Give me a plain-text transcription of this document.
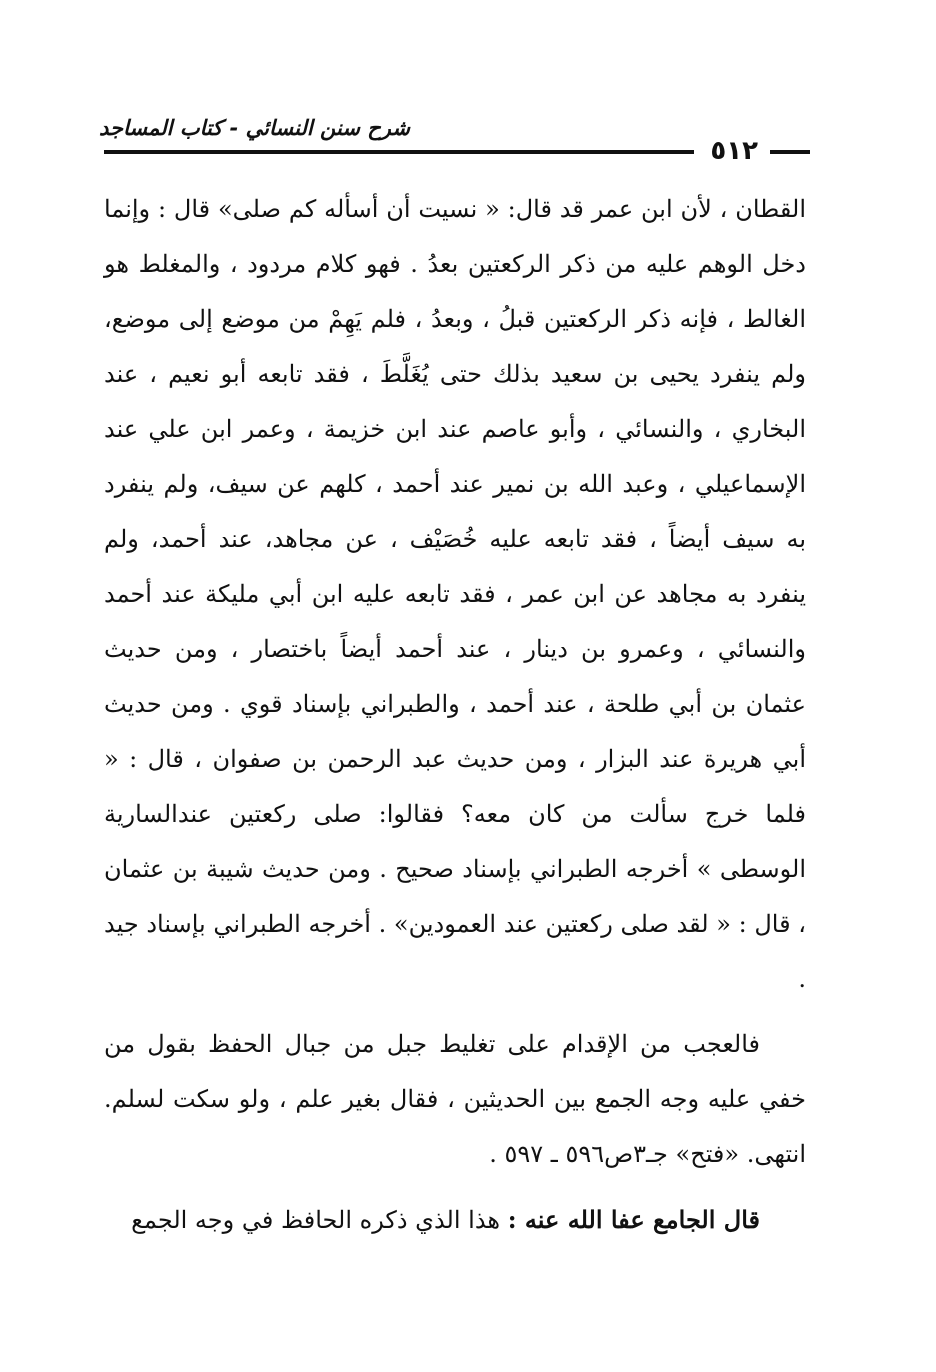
شرح سنن النسائي - كتاب المساجد
٥١٢

القطان ، لأن ابن عمر قد قال: « نسيت أن أسأله كم صلى» قال : وإنما دخل الوهم عليه من ذكر الركعتين بعدُ . فهو كلام مردود ، والمغلط هو الغالط ، فإنه ذكر الركعتين قبلُ ، وبعدُ ، فلم يَهِمْ من موضع إلى موضع، ولم ينفرد يحيى بن سعيد بذلك حتى يُغَلَّطَ ، فقد تابعه أبو نعيم ، عند البخاري ، والنسائي ، وأبو عاصم عند ابن خزيمة ، وعمر ابن علي عند الإسماعيلي ، وعبد الله بن نمير عند أحمد ، كلهم عن سيف، ولم ينفرد به سيف أيضاً ، فقد تابعه عليه خُصَيْف ، عن مجاهد، عند أحمد، ولم ينفرد به مجاهد عن ابن عمر ، فقد تابعه عليه ابن أبي مليكة عند أحمد والنسائي ، وعمرو بن دينار ، عند أحمد أيضاً باختصار ، ومن حديث عثمان بن أبي طلحة ، عند أحمد ، والطبراني بإسناد قوي . ومن حديث أبي هريرة عند البزار ، ومن حديث عبد الرحمن بن صفوان ، قال : « فلما خرج سألت من كان معه؟ فقالوا: صلى ركعتين عندالسارية الوسطى » أخرجه الطبراني بإسناد صحيح . ومن حديث شيبة بن عثمان ، قال : « لقد صلى ركعتين عند العمودين» . أخرجه الطبراني بإسناد جيد .

فالعجب من الإقدام على تغليط جبل من جبال الحفظ بقول من خفي عليه وجه الجمع بين الحديثين ، فقال بغير علم ، ولو سكت لسلم. انتهى. «فتح» جـ٣ص٥٩٦ ـ ٥٩٧ .

قال الجامع عفا الله عنه : هذا الذي ذكره الحافظ في وجه الجمع
